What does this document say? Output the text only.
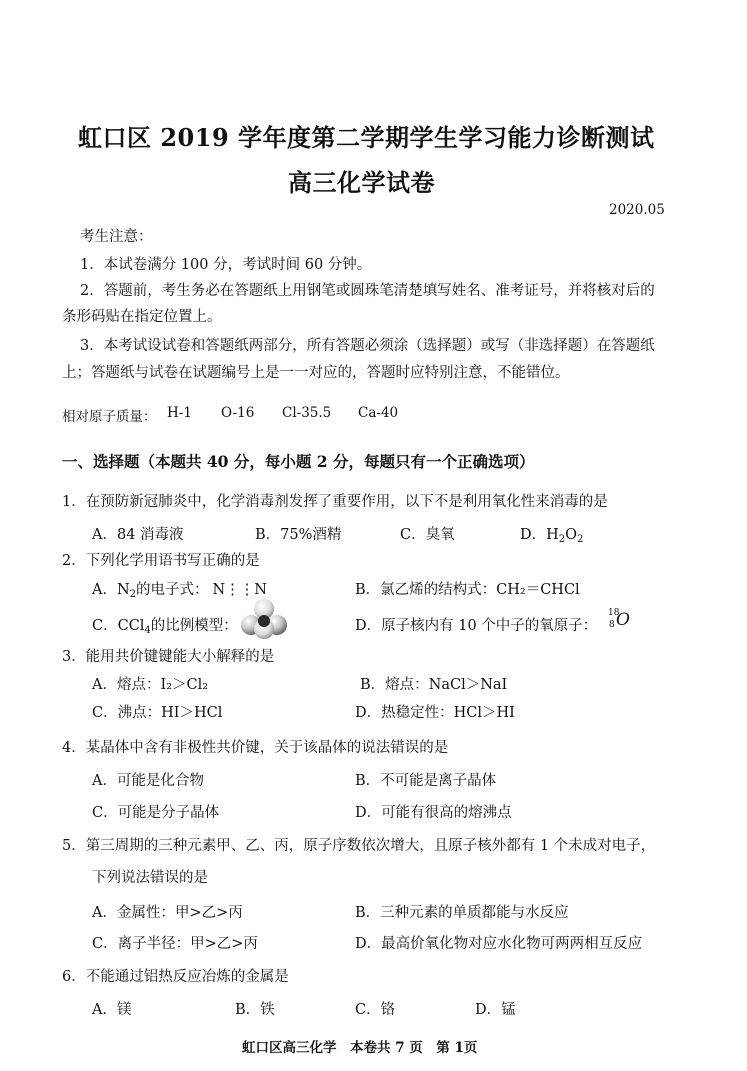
虹口区 2019 学年度第二学期学生学习能力诊断测试
高三化学试卷
2020.05
考生注意：
1．本试卷满分 100 分，考试时间 60 分钟。
2．答题前，考生务必在答题纸上用钢笔或圆珠笔清楚填写姓名、准考证号，并将核对后的
条形码贴在指定位置上。
3．本考试设试卷和答题纸两部分，所有答题必须涂（选择题）或写（非选择题）在答题纸
上；答题纸与试卷在试题编号上是一一对应的，答题时应特别注意，不能错位。
相对原子质量： H-1 O-16 Cl-35.5 Ca-40
一、选择题（本题共 40 分，每小题 2 分，每题只有一个正确选项）
1．在预防新冠肺炎中，化学消毒剂发挥了重要作用，以下不是利用氧化性来消毒的是
A．84 消毒液	B．75%酒精	C．臭氧	D．$H_2O_2$
2．下列化学用语书写正确的是
A．$N_2$的电子式： N⋮⋮N	B．氯乙烯的结构式：CH₂＝CHCl
C．CCl$_4$的比例模型：	D．原子核内有 10 个中子的氧原子：
18
8 O
3．能用共价键键能大小解释的是
A．熔点：I₂＞Cl₂	B．熔点：NaCl＞NaI
C．沸点：HI＞HCl	D．热稳定性：HCl＞HI
4．某晶体中含有非极性共价键，关于该晶体的说法错误的是
A．可能是化合物	B．不可能是离子晶体
C．可能是分子晶体	D．可能有很高的熔沸点
5．第三周期的三种元素甲、乙、丙，原子序数依次增大，且原子核外都有 1 个未成对电子，
下列说法错误的是
A．金属性：甲>乙>丙	B．三种元素的单质都能与水反应
C．离子半径：甲>乙>丙	D．最高价氧化物对应水化物可两两相互反应
6．不能通过铝热反应冶炼的金属是
A．镁	B．铁	C．铬	D．锰
虹口区高三化学　本卷共 7 页　第 1页
